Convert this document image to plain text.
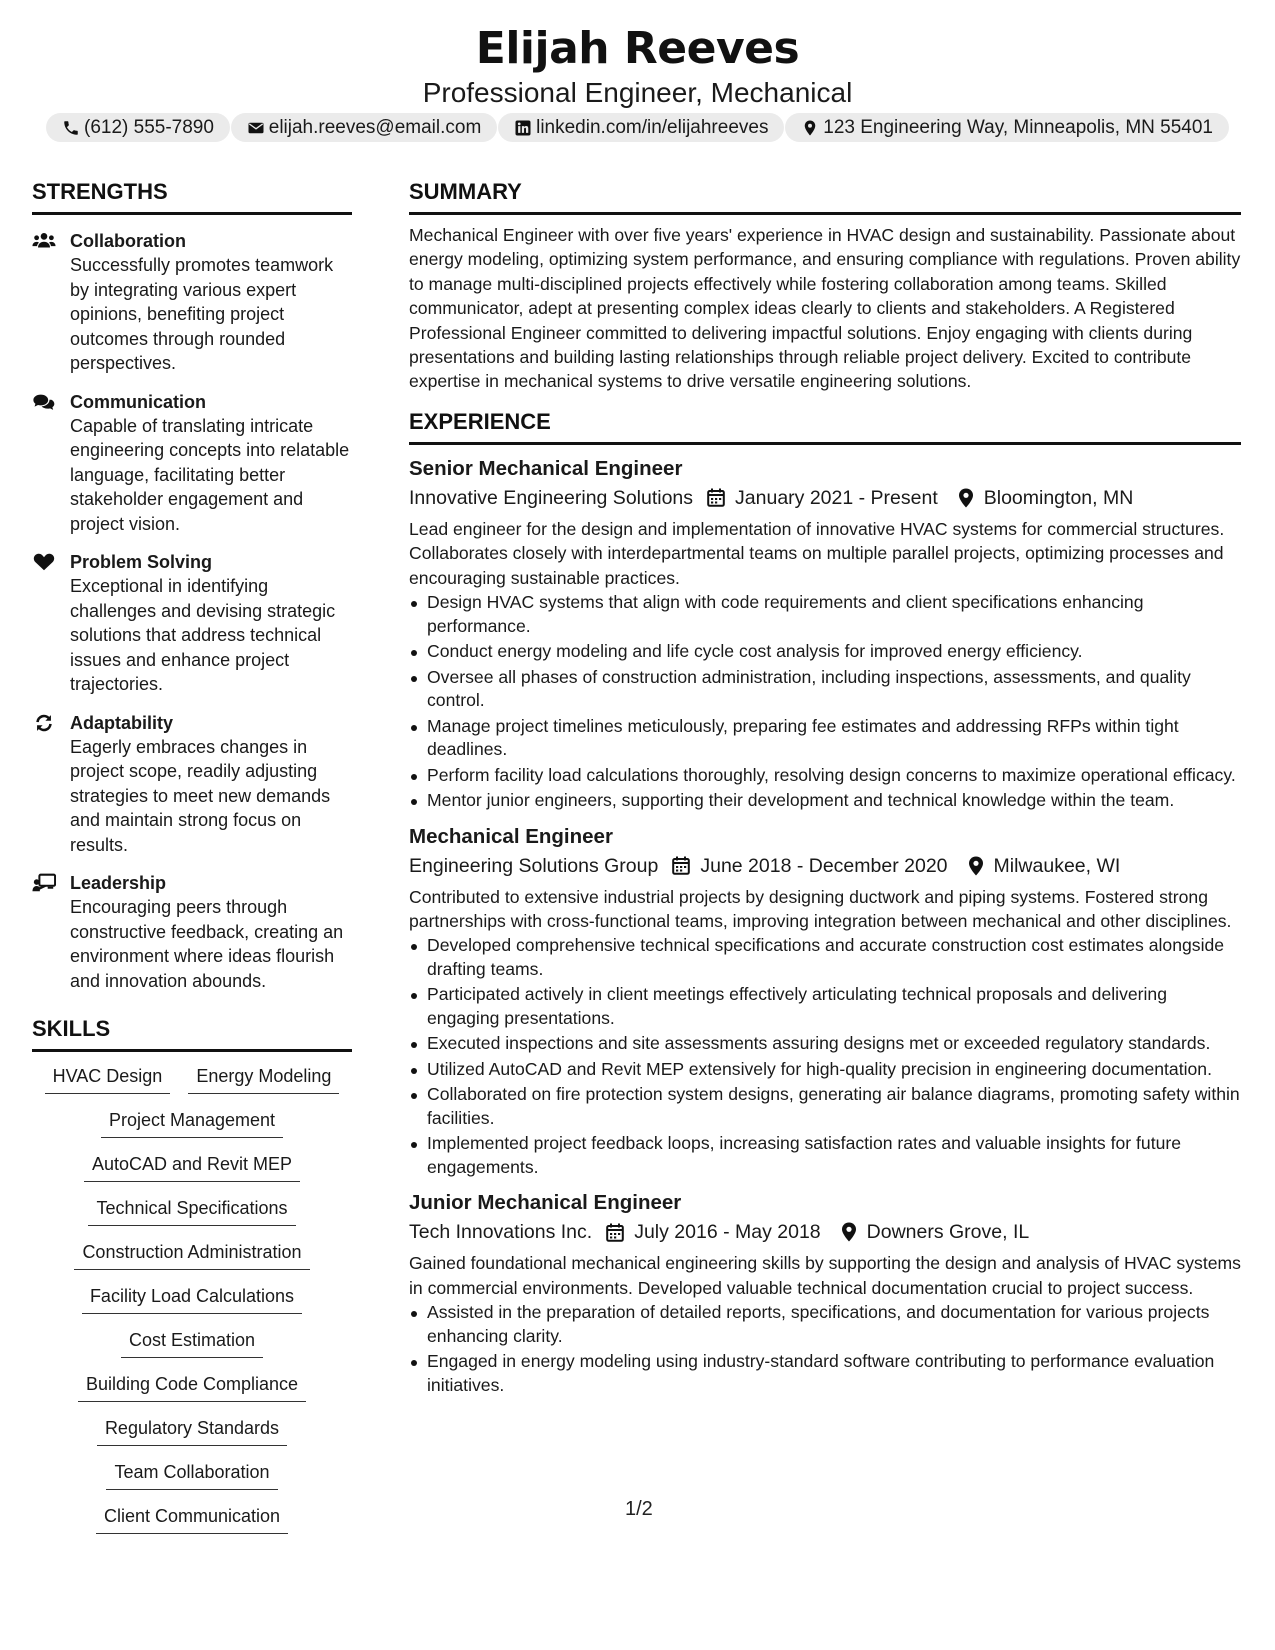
Elijah Reeves
Professional Engineer, Mechanical
(612) 555-7890	elijah.reeves@email.com	linkedin.com/in/elijahreeves	123 Engineering Way, Minneapolis, MN 55401
STRENGTHS
Collaboration
Successfully promotes teamwork by integrating various expert opinions, benefiting project outcomes through rounded perspectives.
Communication
Capable of translating intricate engineering concepts into relatable language, facilitating better stakeholder engagement and project vision.
Problem Solving
Exceptional in identifying challenges and devising strategic solutions that address technical issues and enhance project trajectories.
Adaptability
Eagerly embraces changes in project scope, readily adjusting strategies to meet new demands and maintain strong focus on results.
Leadership
Encouraging peers through constructive feedback, creating an environment where ideas flourish and innovation abounds.
SKILLS
HVAC Design	Energy Modeling
Project Management
AutoCAD and Revit MEP
Technical Specifications
Construction Administration
Facility Load Calculations
Cost Estimation
Building Code Compliance
Regulatory Standards
Team Collaboration
Client Communication
SUMMARY
Mechanical Engineer with over five years' experience in HVAC design and sustainability. Passionate about energy modeling, optimizing system performance, and ensuring compliance with regulations. Proven ability to manage multi-disciplined projects effectively while fostering collaboration among teams. Skilled communicator, adept at presenting complex ideas clearly to clients and stakeholders. A Registered Professional Engineer committed to delivering impactful solutions. Enjoy engaging with clients during presentations and building lasting relationships through reliable project delivery. Excited to contribute expertise in mechanical systems to drive versatile engineering solutions.
EXPERIENCE
Senior Mechanical Engineer
Innovative Engineering Solutions January 2021 - Present Bloomington, MN
Lead engineer for the design and implementation of innovative HVAC systems for commercial structures. Collaborates closely with interdepartmental teams on multiple parallel projects, optimizing processes and encouraging sustainable practices.
Design HVAC systems that align with code requirements and client specifications enhancing performance.
Conduct energy modeling and life cycle cost analysis for improved energy efficiency.
Oversee all phases of construction administration, including inspections, assessments, and quality control.
Manage project timelines meticulously, preparing fee estimates and addressing RFPs within tight deadlines.
Perform facility load calculations thoroughly, resolving design concerns to maximize operational efficacy.
Mentor junior engineers, supporting their development and technical knowledge within the team.
Mechanical Engineer
Engineering Solutions Group June 2018 - December 2020 Milwaukee, WI
Contributed to extensive industrial projects by designing ductwork and piping systems. Fostered strong partnerships with cross-functional teams, improving integration between mechanical and other disciplines.
Developed comprehensive technical specifications and accurate construction cost estimates alongside drafting teams.
Participated actively in client meetings effectively articulating technical proposals and delivering engaging presentations.
Executed inspections and site assessments assuring designs met or exceeded regulatory standards.
Utilized AutoCAD and Revit MEP extensively for high-quality precision in engineering documentation.
Collaborated on fire protection system designs, generating air balance diagrams, promoting safety within facilities.
Implemented project feedback loops, increasing satisfaction rates and valuable insights for future engagements.
Junior Mechanical Engineer
Tech Innovations Inc. July 2016 - May 2018 Downers Grove, IL
Gained foundational mechanical engineering skills by supporting the design and analysis of HVAC systems in commercial environments. Developed valuable technical documentation crucial to project success.
Assisted in the preparation of detailed reports, specifications, and documentation for various projects enhancing clarity.
Engaged in energy modeling using industry-standard software contributing to performance evaluation initiatives.
1/2
